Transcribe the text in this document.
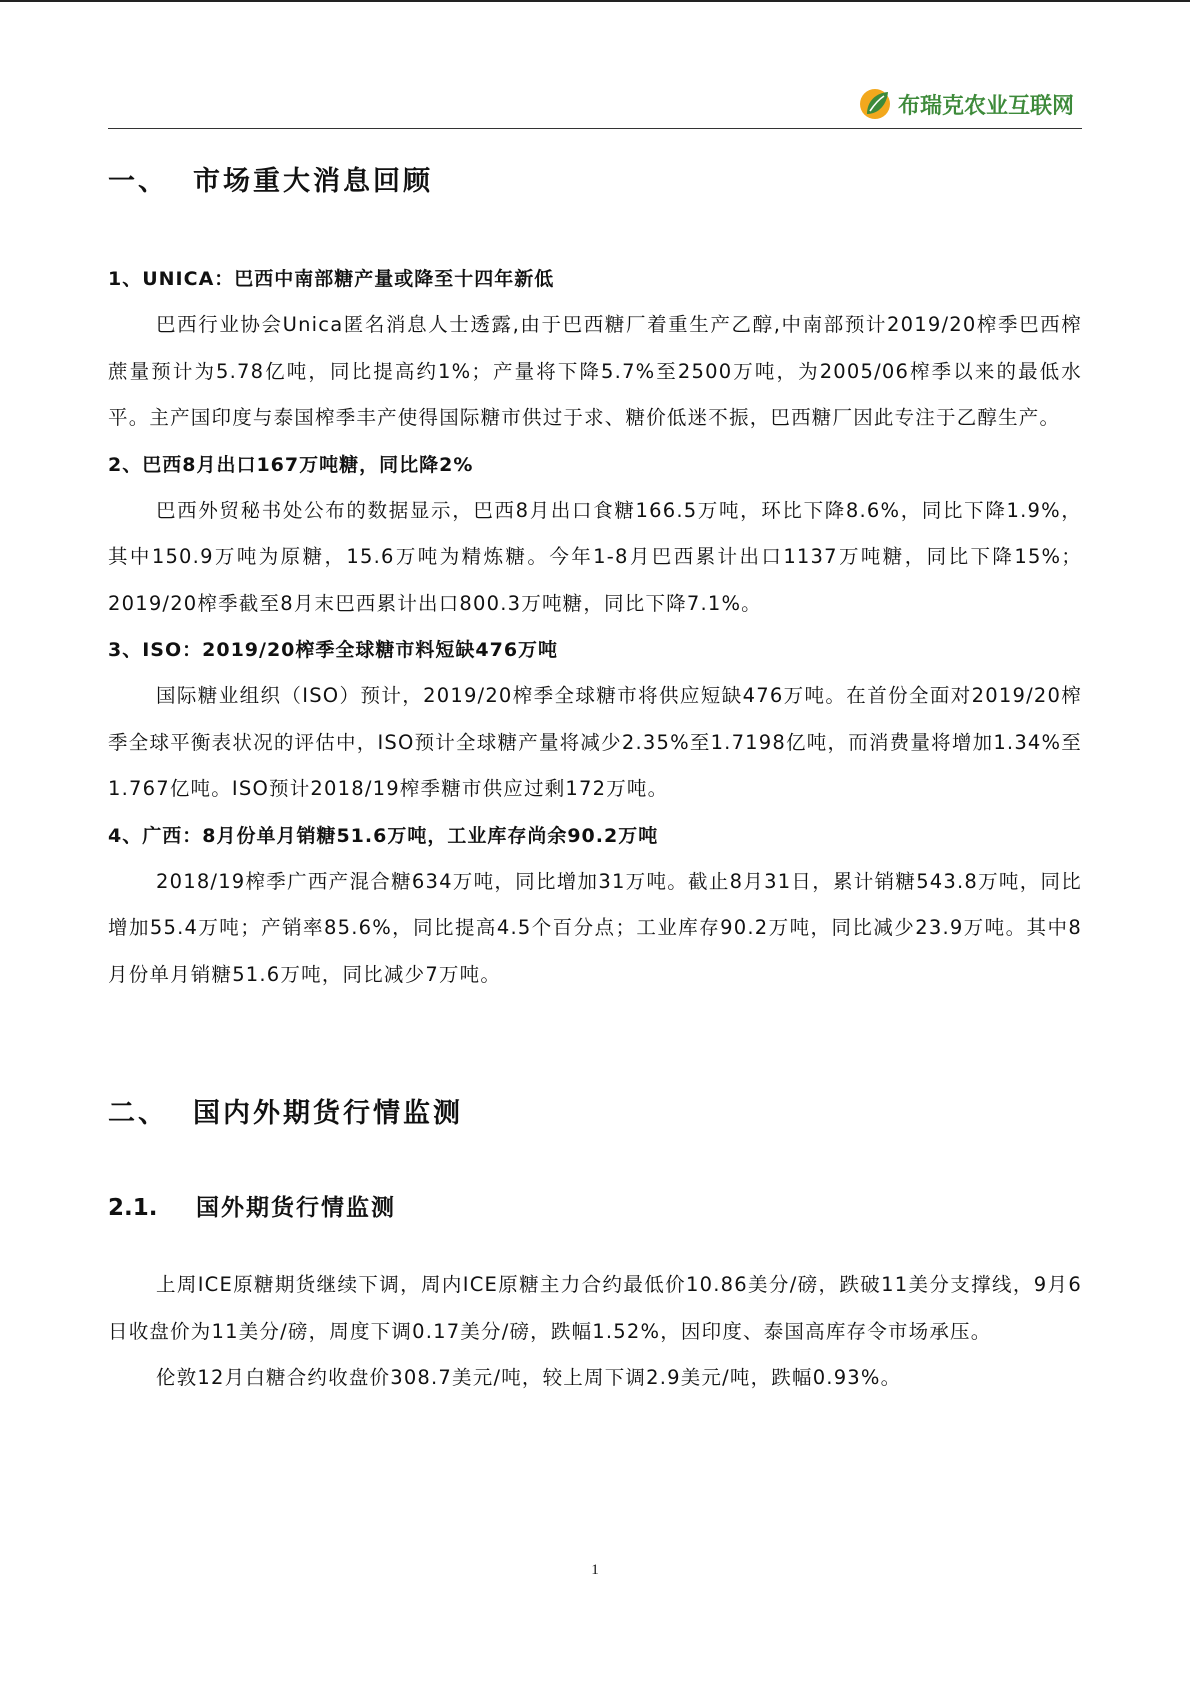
布瑞克农业互联网
一、 市场重大消息回顾
1、UNICA：巴西中南部糖产量或降至十四年新低

巴西行业协会Unica匿名消息人士透露,由于巴西糖厂着重生产乙醇,中南部预计2019/20榨季巴西榨蔗量预计为5.78亿吨，同比提高约1%；产量将下降5.7%至2500万吨，为2005/06榨季以来的最低水平。主产国印度与泰国榨季丰产使得国际糖市供过于求、糖价低迷不振，巴西糖厂因此专注于乙醇生产。

2、巴西8月出口167万吨糖，同比降2%

巴西外贸秘书处公布的数据显示，巴西8月出口食糖166.5万吨，环比下降8.6%，同比下降1.9%，其中150.9万吨为原糖，15.6万吨为精炼糖。今年1-8月巴西累计出口1137万吨糖，同比下降15%；2019/20榨季截至8月末巴西累计出口800.3万吨糖，同比下降7.1%。

3、ISO：2019/20榨季全球糖市料短缺476万吨

国际糖业组织（ISO）预计，2019/20榨季全球糖市将供应短缺476万吨。在首份全面对2019/20榨季全球平衡表状况的评估中，ISO预计全球糖产量将减少2.35%至1.7198亿吨，而消费量将增加1.34%至1.767亿吨。ISO预计2018/19榨季糖市供应过剩172万吨。

4、广西：8月份单月销糖51.6万吨，工业库存尚余90.2万吨

2018/19榨季广西产混合糖634万吨，同比增加31万吨。截止8月31日，累计销糖543.8万吨，同比增加55.4万吨；产销率85.6%，同比提高4.5个百分点；工业库存90.2万吨，同比减少23.9万吨。其中8月份单月销糖51.6万吨，同比减少7万吨。

二、 国内外期货行情监测
2.1.	国外期货行情监测

上周ICE原糖期货继续下调，周内ICE原糖主力合约最低价10.86美分/磅，跌破11美分支撑线，9月6日收盘价为11美分/磅，周度下调0.17美分/磅，跌幅1.52%，因印度、泰国高库存令市场承压。

伦敦12月白糖合约收盘价308.7美元/吨，较上周下调2.9美元/吨，跌幅0.93%。

1
